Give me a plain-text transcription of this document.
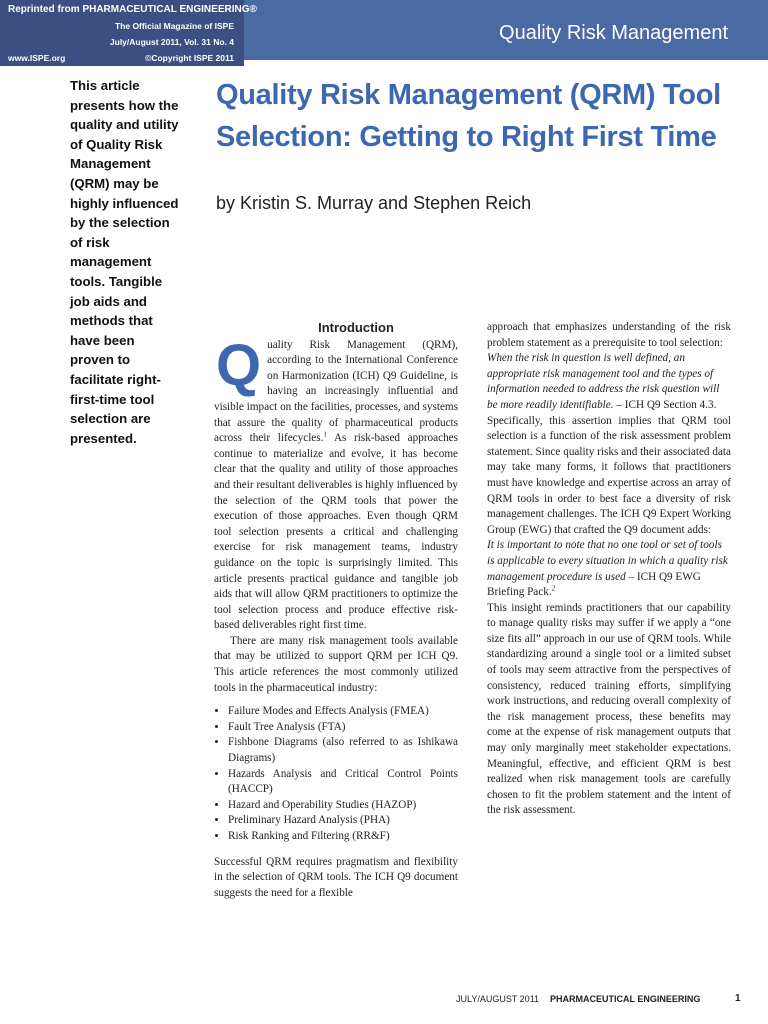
Quality Risk Management
Reprinted from PHARMACEUTICAL ENGINEERING®
The Official Magazine of ISPE
July/August 2011, Vol. 31 No. 4
www.ISPE.org	©Copyright ISPE 2011
This article presents how the quality and utility of Quality Risk Management (QRM) may be highly influenced by the selection of risk management tools. Tangible job aids and methods that have been proven to facilitate right-first-time tool selection are presented.
Quality Risk Management (QRM) Tool Selection: Getting to Right First Time
by Kristin S. Murray and Stephen Reich
Introduction

Quality Risk Management (QRM), according to the International Conference on Harmonization (ICH) Q9 Guideline, is having an increasingly influential and visible impact on the facilities, processes, and systems that assure the quality of pharmaceutical products across their lifecycles.$^1$ As risk-based approaches continue to materialize and evolve, it has become clear that the quality and utility of those approaches and their resultant deliverables is highly influenced by the selection of the QRM tools that power the execution of those approaches. Even though QRM tool selection presents a critical and challenging exercise for risk management teams, industry guidance on the topic is surprisingly limited. This article presents practical guidance and tangible job aids that will allow QRM practitioners to optimize the tool selection process and produce effective risk-based deliverables right first time.

There are many risk management tools available that may be utilized to support QRM per ICH Q9. This article references the most commonly utilized tools in the pharmaceutical industry:

• Failure Modes and Effects Analysis (FMEA)
• Fault Tree Analysis (FTA)
• Fishbone Diagrams (also referred to as Ishikawa Diagrams)
• Hazards Analysis and Critical Control Points (HACCP)
• Hazard and Operability Studies (HAZOP)
• Preliminary Hazard Analysis (PHA)
• Risk Ranking and Filtering (RR&F)

Successful QRM requires pragmatism and flexibility in the selection of QRM tools. The ICH Q9 document suggests the need for a flexible

approach that emphasizes understanding of the risk problem statement as a prerequisite to tool selection:

When the risk in question is well defined, an appropriate risk management tool and the types of information needed to address the risk question will be more readily identifiable. – ICH Q9 Section 4.3.

Specifically, this assertion implies that QRM tool selection is a function of the risk assessment problem statement. Since quality risks and their associated data may take many forms, it follows that practitioners must have knowledge and expertise across an array of QRM tools in order to best face a diversity of risk management challenges. The ICH Q9 Expert Working Group (EWG) that crafted the Q9 document adds:

It is important to note that no one tool or set of tools is applicable to every situation in which a quality risk management procedure is used – ICH Q9 EWG Briefing Pack.$^2$

This insight reminds practitioners that our capability to manage quality risks may suffer if we apply a “one size fits all” approach in our use of QRM tools. While standardizing around a single tool or a limited subset of tools may seem attractive from the perspectives of consistency, reduced training efforts, simplifying work instructions, and reducing overall complexity of the risk management process, these benefits may come at the expense of risk management outputs that may only marginally meet stakeholder expectations. Meaningful, effective, and efficient QRM is best realized when risk management tools are carefully chosen to fit the problem statement and the intent of the risk assessment.

JULY/AUGUST 2011 PHARMACEUTICAL ENGINEERING	1
